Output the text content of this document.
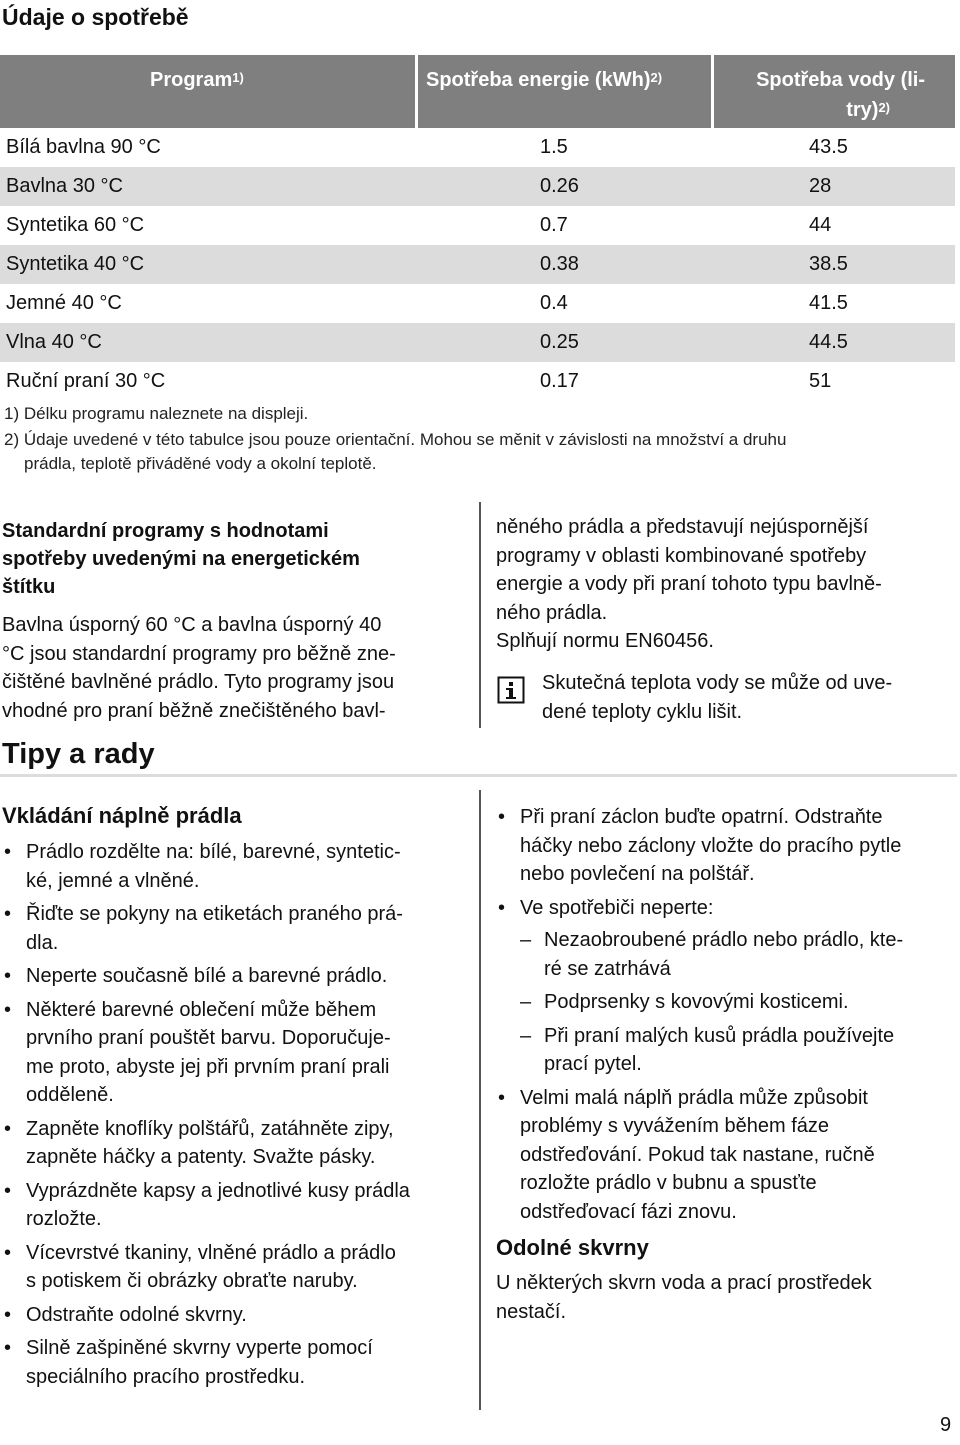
Údaje o spotřebě
Program$^{1)}$	Spotřeba energie (kWh)$^{2)}$	Spotřeba vody (li-
try)$^{2)}$
Bílá bavlna 90 °C	1.5	43.5
Bavlna 30 °C	0.26	28
Syntetika 60 °C	0.7	44
Syntetika 40 °C	0.38	38.5
Jemné 40 °C	0.4	41.5
Vlna 40 °C	0.25	44.5
Ruční praní 30 °C	0.17	51
1) Délku programu naleznete na displeji.
2) Údaje uvedené v této tabulce jsou pouze orientační. Mohou se měnit v závislosti na množství a druhu
prádla, teplotě přiváděné vody a okolní teplotě.
Standardní programy s hodnotami
spotřeby uvedenými na energetickém
štítku
Bavlna úsporný 60 °C a bavlna úsporný 40
°C jsou standardní programy pro běžně zne-
čištěné bavlněné prádlo. Tyto programy jsou
vhodné pro praní běžně znečištěného bavl-
něného prádla a představují nejúspornější
programy v oblasti kombinované spotřeby
energie a vody při praní tohoto typu bavlně-
ného prádla.
Splňují normu EN60456.
Skutečná teplota vody se může od uve-
dené teploty cyklu lišit.
Tipy a rady
Vkládání náplně prádla
• Prádlo rozdělte na: bílé, barevné, syntetic-
ké, jemné a vlněné.
• Řiďte se pokyny na etiketách praného prá-
dla.
• Neperte současně bílé a barevné prádlo.
• Některé barevné oblečení může během
prvního praní pouštět barvu. Doporučuje-
me proto, abyste jej při prvním praní prali
odděleně.
• Zapněte knoflíky polštářů, zatáhněte zipy,
zapněte háčky a patenty. Svažte pásky.
• Vyprázdněte kapsy a jednotlivé kusy prádla
rozložte.
• Vícevrstvé tkaniny, vlněné prádlo a prádlo
s potiskem či obrázky obraťte naruby.
• Odstraňte odolné skvrny.
• Silně zašpiněné skvrny vyperte pomocí
speciálního pracího prostředku.
• Při praní záclon buďte opatrní. Odstraňte
háčky nebo záclony vložte do pracího pytle
nebo povlečení na polštář.
• Ve spotřebiči neperte:
– Nezaobroubené prádlo nebo prádlo, kte-
ré se zatrhává
– Podprsenky s kovovými kosticemi.
– Při praní malých kusů prádla používejte
prací pytel.
• Velmi malá náplň prádla může způsobit
problémy s vyvážením během fáze
odstřeďování. Pokud tak nastane, ručně
rozložte prádlo v bubnu a spusťte
odstřeďovací fázi znovu.
Odolné skvrny
U některých skvrn voda a prací prostředek
nestačí.
9
